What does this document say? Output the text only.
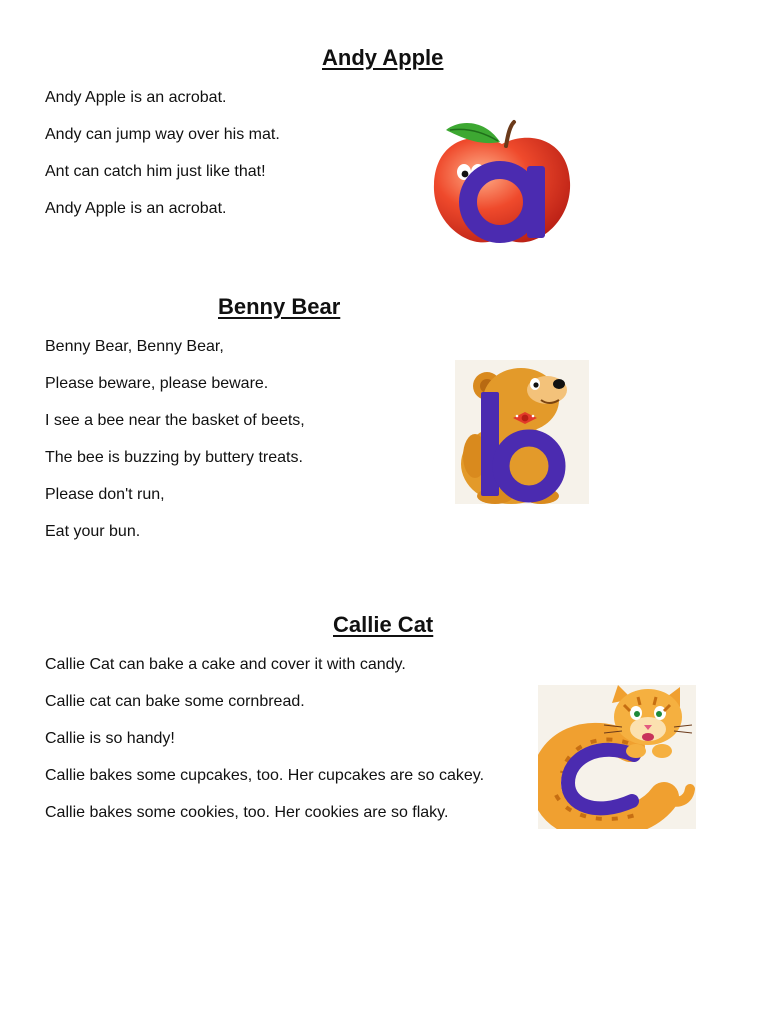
Andy Apple

Andy Apple is an acrobat.

Andy can jump way over his mat.

Ant can catch him just like that!

Andy Apple is an acrobat.

Benny Bear

Benny Bear, Benny Bear,

Please beware, please beware.

I see a bee near the basket of beets,

The bee is buzzing by buttery treats.

Please don't run,

Eat your bun.

Callie Cat

Callie Cat can bake a cake and cover it with candy.

Callie cat can bake some cornbread.

Callie is so handy!

Callie bakes some cupcakes, too. Her cupcakes are so cakey.

Callie bakes some cookies, too. Her cookies are so flaky.
